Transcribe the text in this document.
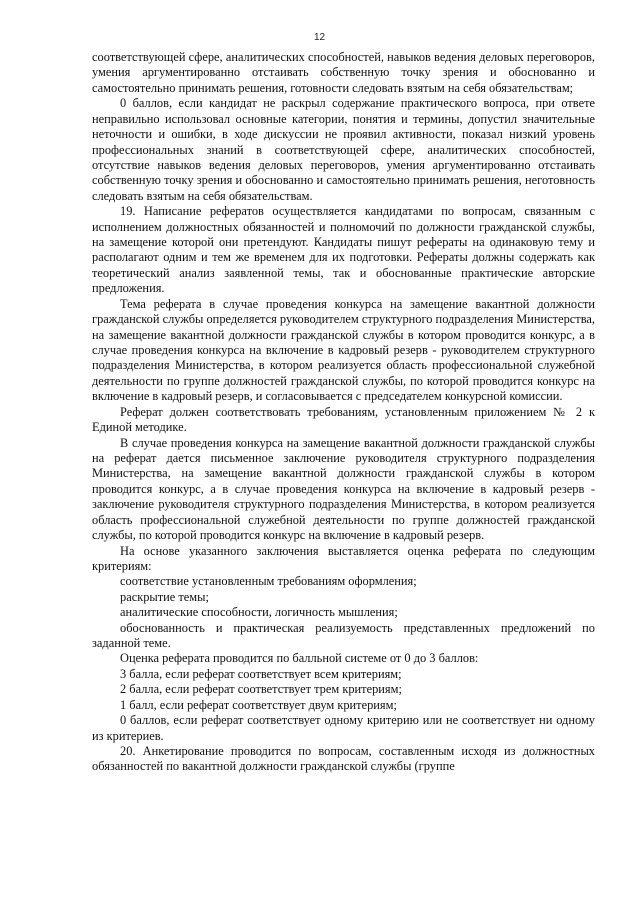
12

соответствующей сфере, аналитических способностей, навыков ведения деловых переговоров, умения аргументированно отстаивать собственную точку зрения и обоснованно и самостоятельно принимать решения, готовности следовать взятым на себя обязательствам;

0 баллов, если кандидат не раскрыл содержание практического вопроса, при ответе неправильно использовал основные категории, понятия и термины, допустил значительные неточности и ошибки, в ходе дискуссии не проявил активности, показал низкий уровень профессиональных знаний в соответствующей сфере, аналитических способностей, отсутствие навыков ведения деловых переговоров, умения аргументированно отстаивать собственную точку зрения и обоснованно и самостоятельно принимать решения, неготовность следовать взятым на себя обязательствам.

19. Написание рефератов осуществляется кандидатами по вопросам, связанным с исполнением должностных обязанностей и полномочий по должности гражданской службы, на замещение которой они претендуют. Кандидаты пишут рефераты на одинаковую тему и располагают одним и тем же временем для их подготовки. Рефераты должны содержать как теоретический анализ заявленной темы, так и обоснованные практические авторские предложения.

Тема реферата в случае проведения конкурса на замещение вакантной должности гражданской службы определяется руководителем структурного подразделения Министерства, на замещение вакантной должности гражданской службы в котором проводится конкурс, а в случае проведения конкурса на включение в кадровый резерв - руководителем структурного подразделения Министерства, в котором реализуется область профессиональной служебной деятельности по группе должностей гражданской службы, по которой проводится конкурс на включение в кадровый резерв, и согласовывается с председателем конкурсной комиссии.

Реферат должен соответствовать требованиям, установленным приложением № 2 к Единой методике.

В случае проведения конкурса на замещение вакантной должности гражданской службы на реферат дается письменное заключение руководителя структурного подразделения Министерства, на замещение вакантной должности гражданской службы в котором проводится конкурс, а в случае проведения конкурса на включение в кадровый резерв - заключение руководителя структурного подразделения Министерства, в котором реализуется область профессиональной служебной деятельности по группе должностей гражданской службы, по которой проводится конкурс на включение в кадровый резерв.

На основе указанного заключения выставляется оценка реферата по следующим критериям:

соответствие установленным требованиям оформления;

раскрытие темы;

аналитические способности, логичность мышления;

обоснованность и практическая реализуемость представленных предложений по заданной теме.

Оценка реферата проводится по балльной системе от 0 до 3 баллов:

3 балла, если реферат соответствует всем критериям;

2 балла, если реферат соответствует трем критериям;

1 балл, если реферат соответствует двум критериям;

0 баллов, если реферат соответствует одному критерию или не соответствует ни одному из критериев.

20. Анкетирование проводится по вопросам, составленным исходя из должностных обязанностей по вакантной должности гражданской службы (группе
